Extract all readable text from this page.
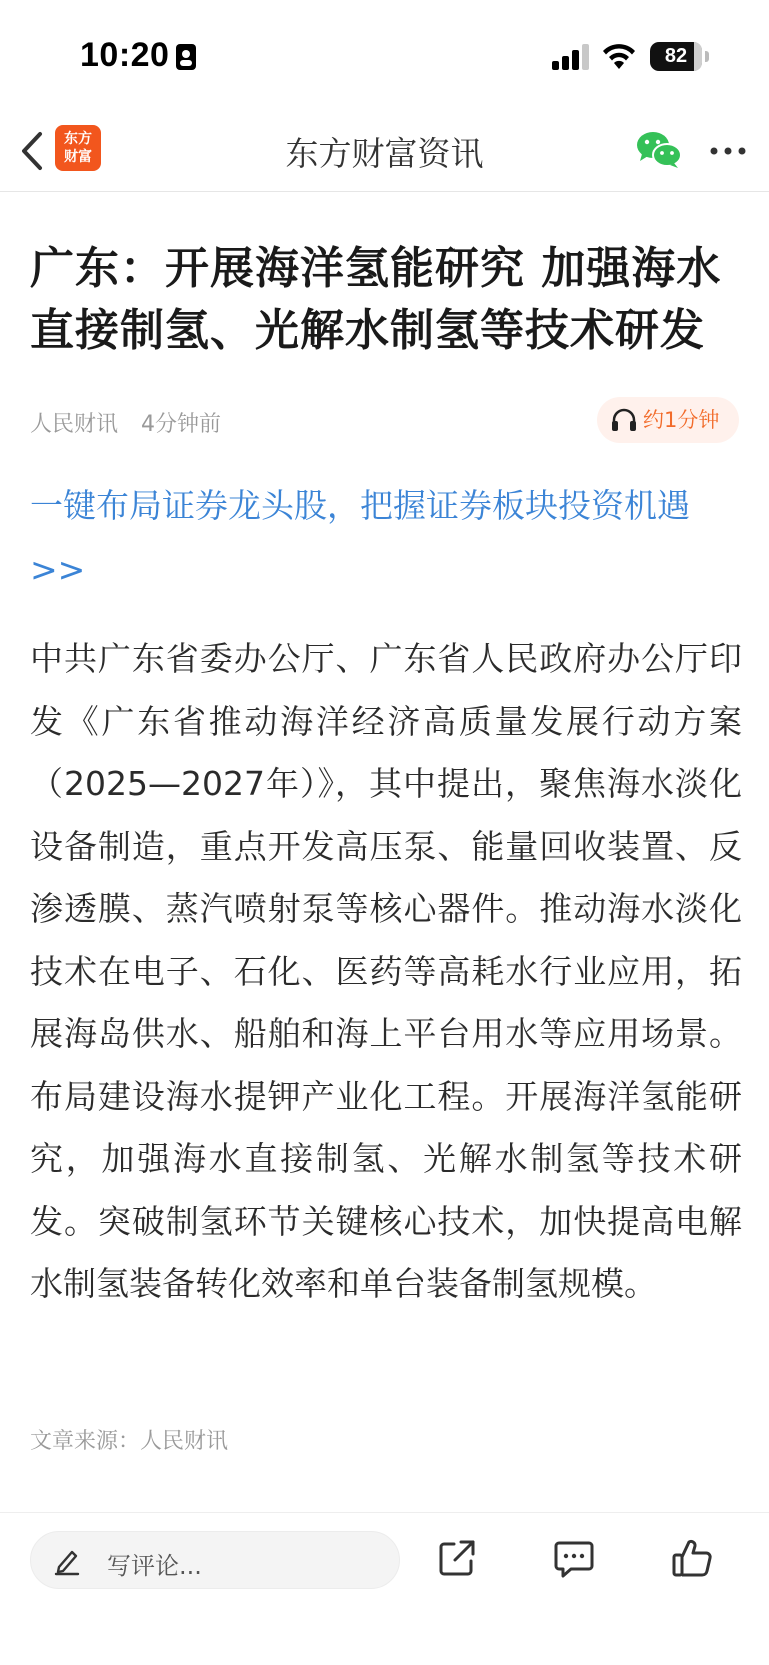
10:20	82
东方
财富	东方财富资讯
广东：开展海洋氢能研究 加强海水直接制氢、光解水制氢等技术研发
人民财讯 4分钟前	约1分钟
一键布局证券龙头股，把握证券板块投资机遇>>
中共广东省委办公厅、广东省人民政府办公厅印发《广东省推动海洋经济高质量发展行动方案（2025—2027年）》，其中提出，聚焦海水淡化设备制造，重点开发高压泵、能量回收装置、反渗透膜、蒸汽喷射泵等核心器件。推动海水淡化技术在电子、石化、医药等高耗水行业应用，拓展海岛供水、船舶和海上平台用水等应用场景。布局建设海水提钾产业化工程。开展海洋氢能研究，加强海水直接制氢、光解水制氢等技术研发。突破制氢环节关键核心技术，加快提高电解水制氢装备转化效率和单台装备制氢规模。
文章来源：人民财讯
写评论...
